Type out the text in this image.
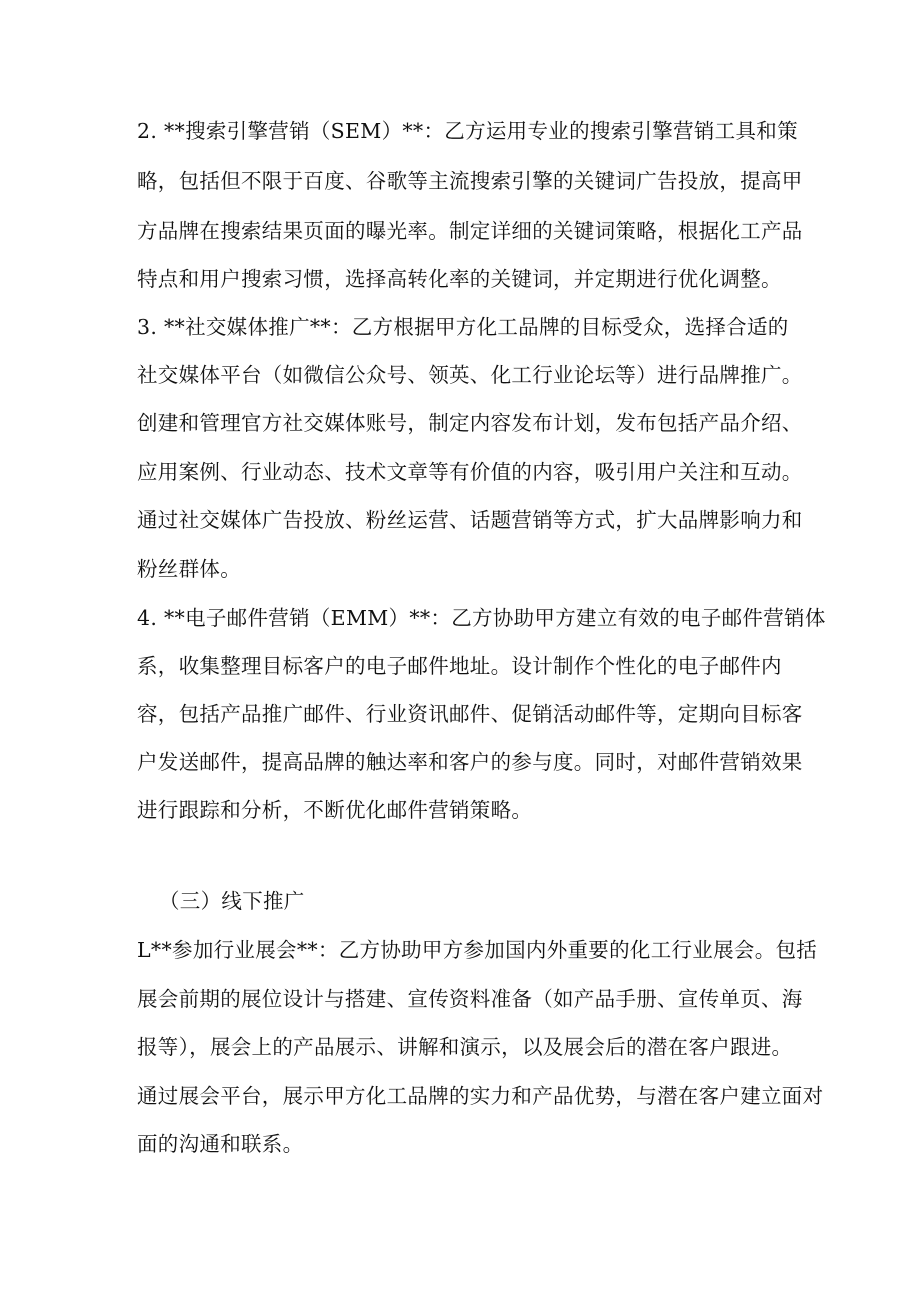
2. **搜索引擎营销（SEM）**：乙方运用专业的搜索引擎营销工具和策
略，包括但不限于百度、谷歌等主流搜索引擎的关键词广告投放，提高甲
方品牌在搜索结果页面的曝光率。制定详细的关键词策略，根据化工产品
特点和用户搜索习惯，选择高转化率的关键词，并定期进行优化调整。
3. **社交媒体推广**：乙方根据甲方化工品牌的目标受众，选择合适的
社交媒体平台（如微信公众号、领英、化工行业论坛等）进行品牌推广。
创建和管理官方社交媒体账号，制定内容发布计划，发布包括产品介绍、
应用案例、行业动态、技术文章等有价值的内容，吸引用户关注和互动。
通过社交媒体广告投放、粉丝运营、话题营销等方式，扩大品牌影响力和
粉丝群体。
4. **电子邮件营销（EMM）**：乙方协助甲方建立有效的电子邮件营销体
系，收集整理目标客户的电子邮件地址。设计制作个性化的电子邮件内
容，包括产品推广邮件、行业资讯邮件、促销活动邮件等，定期向目标客
户发送邮件，提高品牌的触达率和客户的参与度。同时，对邮件营销效果
进行跟踪和分析，不断优化邮件营销策略。
（三）线下推广
L**参加行业展会**：乙方协助甲方参加国内外重要的化工行业展会。包括
展会前期的展位设计与搭建、宣传资料准备（如产品手册、宣传单页、海
报等），展会上的产品展示、讲解和演示，以及展会后的潜在客户跟进。
通过展会平台，展示甲方化工品牌的实力和产品优势，与潜在客户建立面对
面的沟通和联系。
